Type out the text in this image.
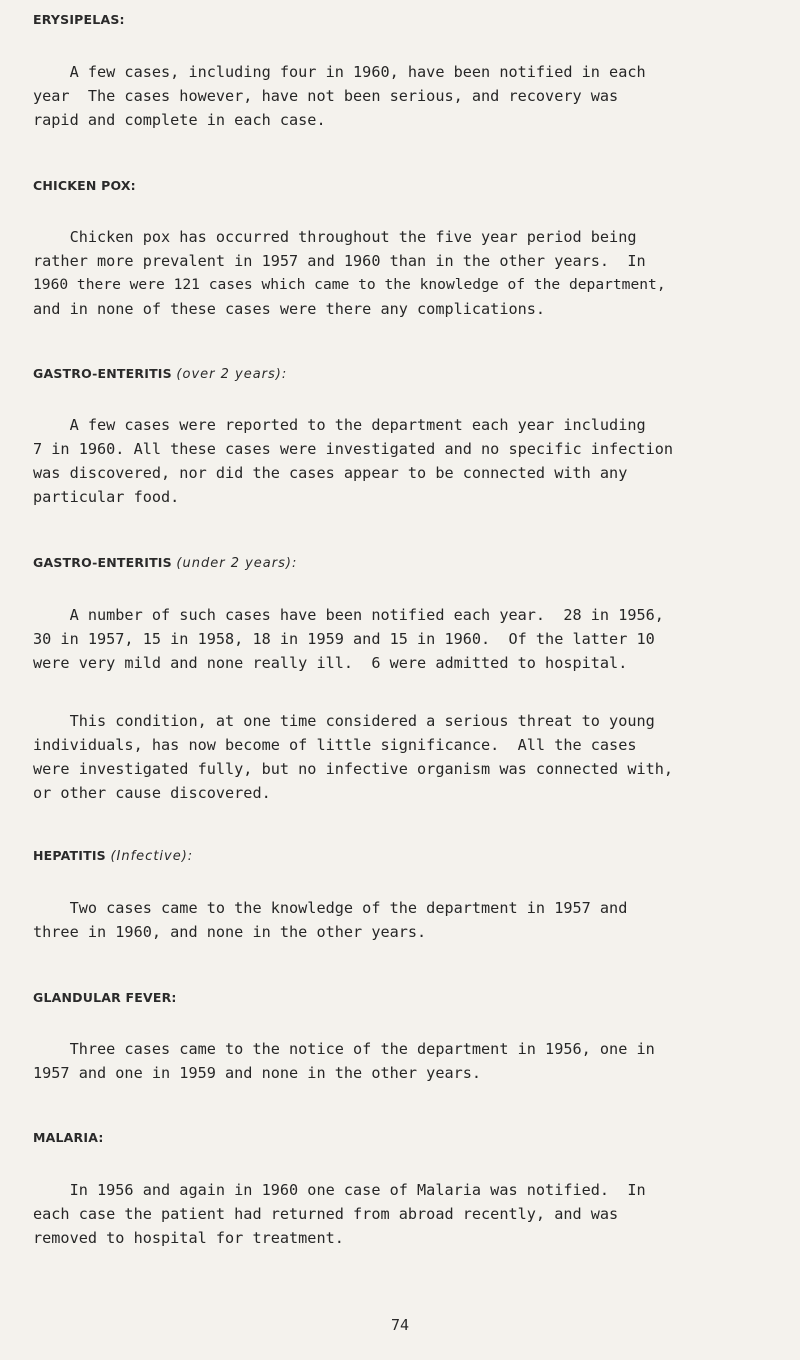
ERYSIPELAS:

A few cases, including four in 1960, have been notified in each
year  The cases however, have not been serious, and recovery was
rapid and complete in each case.

CHICKEN POX:

Chicken pox has occurred throughout the five year period being
rather more prevalent in 1957 and 1960 than in the other years.  In
1960 there were 121 cases which came to the knowledge of the department,
and in none of these cases were there any complications.

GASTRO-ENTERITIS (over 2 years):

A few cases were reported to the department each year including
7 in 1960. All these cases were investigated and no specific infection
was discovered, nor did the cases appear to be connected with any
particular food.

GASTRO-ENTERITIS (under 2 years):

A number of such cases have been notified each year.  28 in 1956,
30 in 1957, 15 in 1958, 18 in 1959 and 15 in 1960.  Of the latter 10
were very mild and none really ill.  6 were admitted to hospital.

This condition, at one time considered a serious threat to young
individuals, has now become of little significance.  All the cases
were investigated fully, but no infective organism was connected with,
or other cause discovered.

HEPATITIS (Infective):

Two cases came to the knowledge of the department in 1957 and
three in 1960, and none in the other years.

GLANDULAR FEVER:

Three cases came to the notice of the department in 1956, one in
1957 and one in 1959 and none in the other years.

MALARIA:

In 1956 and again in 1960 one case of Malaria was notified.  In
each case the patient had returned from abroad recently, and was
removed to hospital for treatment.

74
